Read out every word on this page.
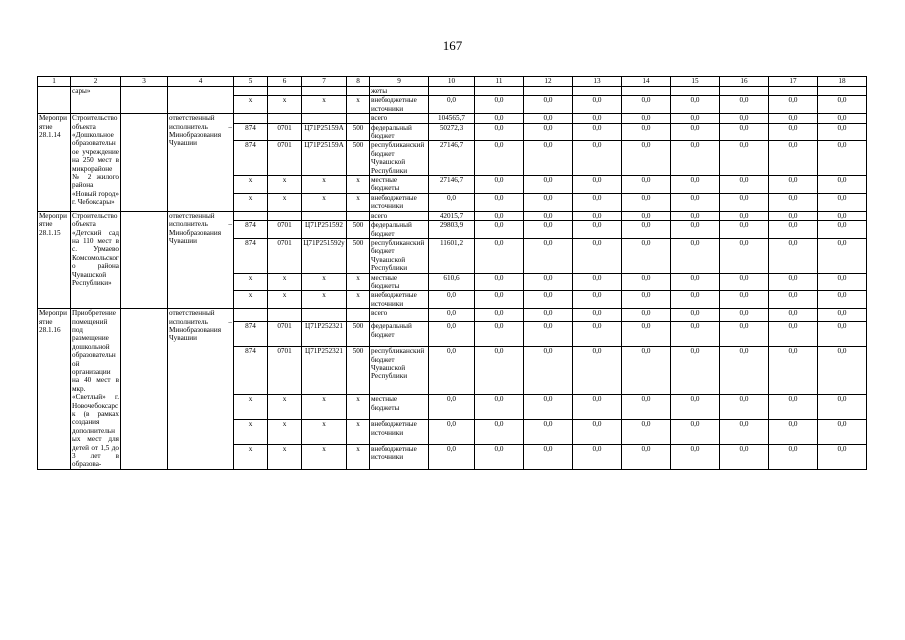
167
1	2	3	4	5	6	7	8	9	10	11	12	13	14	15	16	17	18
	сары»							жеты									
				x	x	x	x	внебюджетные источники	0,0	0,0	0,0	0,0	0,0	0,0	0,0	0,0	0,0
Мероприятие 28.1.14	Строительство объекта «Дошкольное образовательное учреждение на 250 мест в микрорайоне № 2 жилого района «Новый город» г. Чебоксары»		ответственный исполнитель – Минобразования Чувашии					всего	104565,7	0,0	0,0	0,0	0,0	0,0	0,0	0,0	0,0
				874	0701	Ц71Р25159А	500	федеральный бюджет	50272,3	0,0	0,0	0,0	0,0	0,0	0,0	0,0	0,0
				874	0701	Ц71Р25159А	500	республиканский бюджет Чувашской Республики	27146,7	0,0	0,0	0,0	0,0	0,0	0,0	0,0	0,0
				x	x	x	x	местные бюджеты	27146,7	0,0	0,0	0,0	0,0	0,0	0,0	0,0	0,0
				x	x	x	x	внебюджетные источники	0,0	0,0	0,0	0,0	0,0	0,0	0,0	0,0	0,0
Мероприятие 28.1.15	Строительство объекта «Детский сад на 110 мест в с. Урмаево Комсомольского района Чувашской Республики»		ответственный исполнитель – Минобразования Чувашии					всего	42015,7	0,0	0,0	0,0	0,0	0,0	0,0	0,0	0,0
				874	0701	Ц71Р251592	500	федеральный бюджет	29803,9	0,0	0,0	0,0	0,0	0,0	0,0	0,0	0,0
				874	0701	Ц71Р251592у	500	республиканский бюджет Чувашской Республики	11601,2	0,0	0,0	0,0	0,0	0,0	0,0	0,0	0,0
				x	x	x	x	местные бюджеты	610,6	0,0	0,0	0,0	0,0	0,0	0,0	0,0	0,0
				x	x	x	x	внебюджетные источники	0,0	0,0	0,0	0,0	0,0	0,0	0,0	0,0	0,0
Мероприятие 28.1.16	Приобретение помещений под размещение дошкольной образовательной организации на 40 мест в мкр. «Светлый» г. Новочебоксарск (в рамках создания дополнительных мест для детей от 1,5 до 3 лет в образова-		ответственный исполнитель – Минобразования Чувашии					всего	0,0	0,0	0,0	0,0	0,0	0,0	0,0	0,0	0,0
				874	0701	Ц71Р252321	500	федеральный бюджет	0,0	0,0	0,0	0,0	0,0	0,0	0,0	0,0	0,0
				874	0701	Ц71Р252321	500	республиканский бюджет Чувашской Республики	0,0	0,0	0,0	0,0	0,0	0,0	0,0	0,0	0,0
				x	x	x	x	местные бюджеты	0,0	0,0	0,0	0,0	0,0	0,0	0,0	0,0	0,0
				x	x	x	x	внебюджетные источники	0,0	0,0	0,0	0,0	0,0	0,0	0,0	0,0	0,0
				x	x	x	x	внебюджетные источники	0,0	0,0	0,0	0,0	0,0	0,0	0,0	0,0	0,0
